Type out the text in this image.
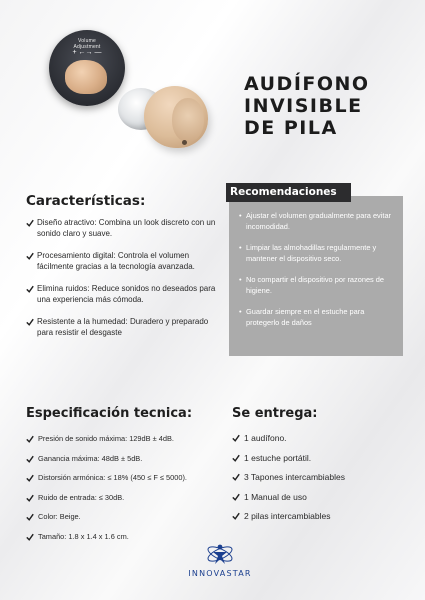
Volume
Adjustment
+ ←→ —
AUDÍFONO
INVISIBLE
DE PILA
Características:
Diseño atractivo: Combina un look discreto con un sonido claro y suave.
Procesamiento digital: Controla el volumen fácilmente gracias a la tecnología avanzada.
Elimina ruidos: Reduce sonidos no deseados para una experiencia más cómoda.
Resistente a la humedad: Duradero y preparado para resistir el desgaste
• Ajustar el volumen gradualmente para evitar incomodidad.
• Limpiar las almohadillas regularmente y mantener el dispositivo seco.
• No compartir el dispositivo por razones de higiene.
• Guardar siempre en el estuche para protegerlo de daños
Recomendaciones
Especificación tecnica:
Presión de sonido máxima: 129dB ± 4dB.
Ganancia máxima: 48dB ± 5dB.
Distorsión armónica: ≤ 18% (450 ≤ F ≤ 5000).
Ruido de entrada: ≤ 30dB.
Color: Beige.
Tamaño: 1.8 x 1.4 x 1.6 cm.
Se entrega:
1 audífono.
1 estuche portátil.
3 Tapones intercambiables
1 Manual de uso
2 pilas intercambiables
INNOVASTAR
